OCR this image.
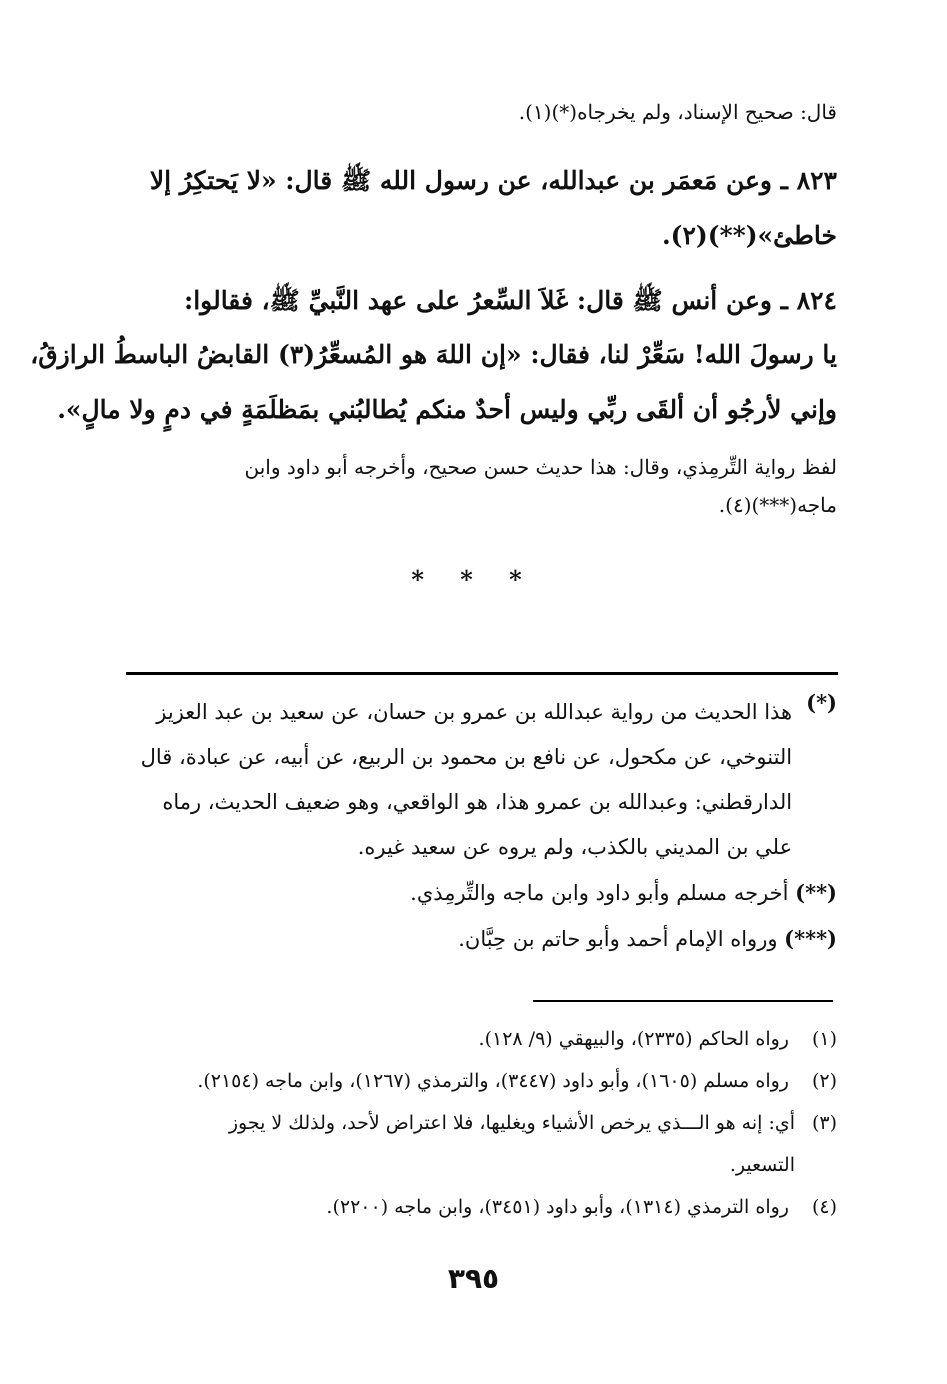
قال: صحيح الإسناد، ولم يخرجاه(*)(١).
٨٢٣ ـ وعن مَعمَر بن عبدالله، عن رسول الله ﷺ قال: «لا يَحتكِرُ إلا
خاطئ»(**)(٢).
٨٢٤ ـ وعن أنس ﷺ قال: غَلاَ السِّعرُ على عهد النَّبيِّ ﷺ، فقالوا:
يا رسولَ الله! سَعِّرْ لنا، فقال: «إن اللهَ هو المُسعِّرُ(٣) القابضُ الباسطُ الرازقُ،
وإني لأرجُو أن ألقَى ربِّي وليس أحدٌ منكم يُطالبُني بمَظلَمَةٍ في دمٍ ولا مالٍ».
لفظ رواية التِّرمِذي، وقال: هذا حديث حسن صحيح، وأخرجه أبو داود وابن
ماجه(***)(٤).
* * *
(*)
هذا الحديث من رواية عبدالله بن عمرو بن حسان، عن سعيد بن عبد العزيز
التنوخي، عن مكحول، عن نافع بن محمود بن الربيع، عن أبيه، عن عبادة، قال
الدارقطني: وعبدالله بن عمرو هذا، هو الواقعي، وهو ضعيف الحديث، رماه
علي بن المديني بالكذب، ولم يروه عن سعيد غيره.
(**) أخرجه مسلم وأبو داود وابن ماجه والتِّرمِذي.
(***) ورواه الإمام أحمد وأبو حاتم بن حِبَّان.
(١) رواه الحاكم (٢٣٣٥)، والبيهقي (٩/ ١٢٨).
(٢) رواه مسلم (١٦٠٥)، وأبو داود (٣٤٤٧)، والترمذي (١٢٦٧)، وابن ماجه (٢١٥٤).
(٣)
أي: إنه هو الـــذي يرخص الأشياء ويغليها، فلا اعتراض لأحد، ولذلك لا يجوز
التسعير.
(٤) رواه الترمذي (١٣١٤)، وأبو داود (٣٤٥١)، وابن ماجه (٢٢٠٠).
٣٩٥
